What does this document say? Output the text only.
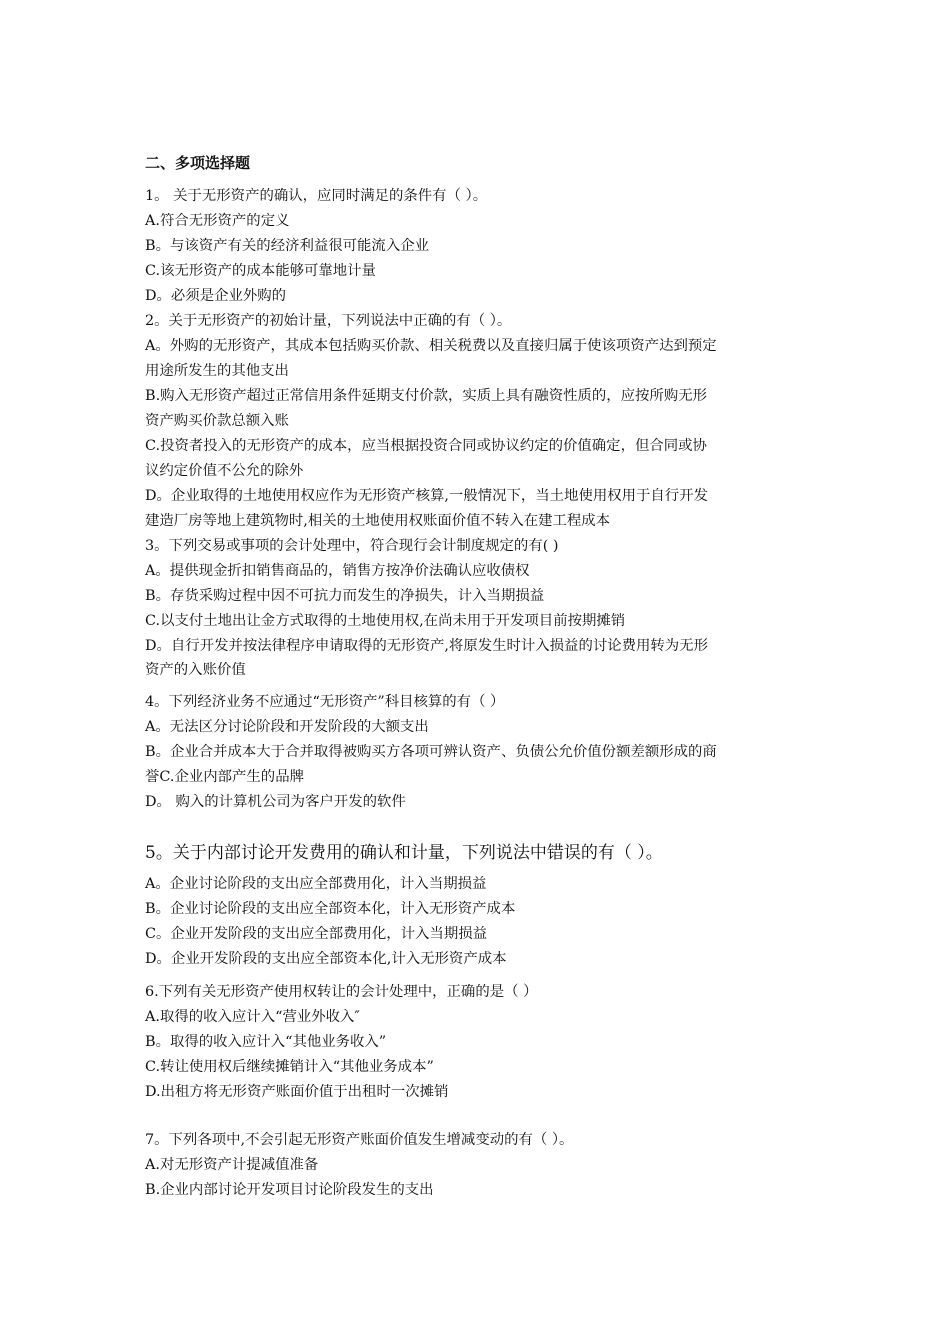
二、多项选择题

1。 关于无形资产的确认，应同时满足的条件有（ ）。

A.符合无形资产的定义

B。与该资产有关的经济利益很可能流入企业

C.该无形资产的成本能够可靠地计量

D。必须是企业外购的

2。关于无形资产的初始计量，下列说法中正确的有（ ）。

A。外购的无形资产，其成本包括购买价款、相关税费以及直接归属于使该项资产达到预定

用途所发生的其他支出

B.购入无形资产超过正常信用条件延期支付价款，实质上具有融资性质的，应按所购无形

资产购买价款总额入账

C.投资者投入的无形资产的成本，应当根据投资合同或协议约定的价值确定，但合同或协

议约定价值不公允的除外

D。企业取得的土地使用权应作为无形资产核算,一般情况下，当土地使用权用于自行开发

建造厂房等地上建筑物时,相关的土地使用权账面价值不转入在建工程成本

3。下列交易或事项的会计处理中，符合现行会计制度规定的有( )

A。提供现金折扣销售商品的，销售方按净价法确认应收债权

B。存货采购过程中因不可抗力而发生的净损失，计入当期损益

C.以支付土地出让金方式取得的土地使用权,在尚未用于开发项目前按期摊销

D。自行开发并按法律程序申请取得的无形资产,将原发生时计入损益的讨论费用转为无形

资产的入账价值

4。下列经济业务不应通过“无形资产”科目核算的有（ ）

A。无法区分讨论阶段和开发阶段的大额支出

B。企业合并成本大于合并取得被购买方各项可辨认资产、负债公允价值份额差额形成的商

誉C.企业内部产生的品牌

D。 购入的计算机公司为客户开发的软件

5。关于内部讨论开发费用的确认和计量，下列说法中错误的有（ ）。

A。企业讨论阶段的支出应全部费用化，计入当期损益

B。企业讨论阶段的支出应全部资本化，计入无形资产成本

C。企业开发阶段的支出应全部费用化，计入当期损益

D。企业开发阶段的支出应全部资本化,计入无形资产成本

6.下列有关无形资产使用权转让的会计处理中，正确的是（ ）

A.取得的收入应计入“营业外收入″

B。取得的收入应计入“其他业务收入”

C.转让使用权后继续摊销计入“其他业务成本”

D.出租方将无形资产账面价值于出租时一次摊销

7。下列各项中,不会引起无形资产账面价值发生增减变动的有（ ）。

A.对无形资产计提减值准备

B.企业内部讨论开发项目讨论阶段发生的支出
